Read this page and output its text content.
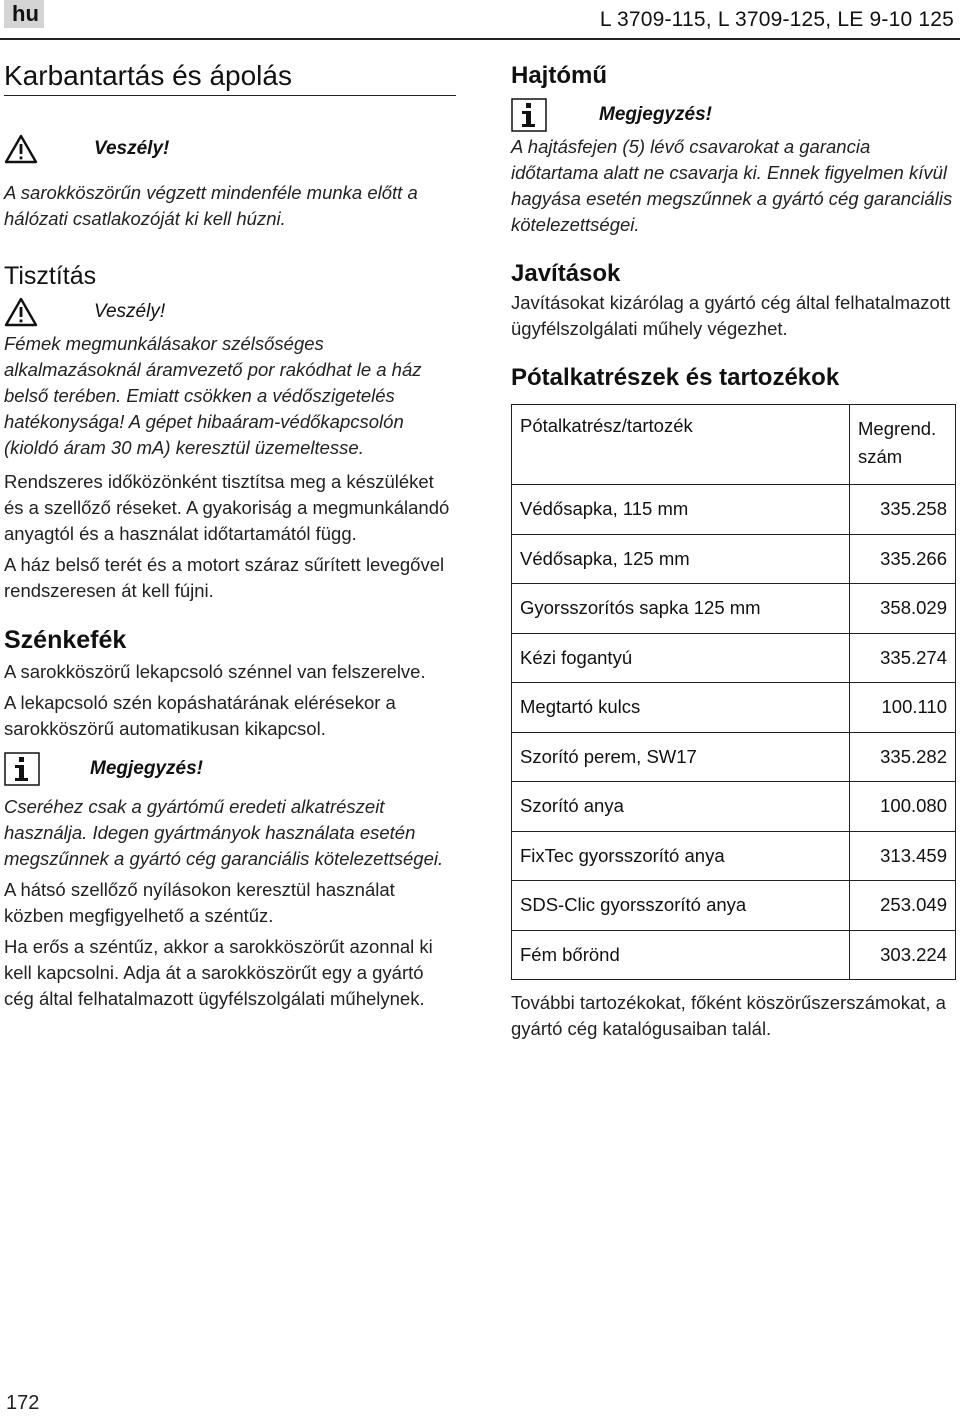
hu	L 3709-115, L 3709-125, LE 9-10 125
Karbantartás és ápolás
Veszély!

A sarokköszörűn végzett mindenféle munka előtt a hálózati csatlakozóját ki kell húzni.

Tisztítás
Veszély!

Fémek megmunkálásakor szélsőséges alkalmazásoknál áramvezető por rakódhat le a ház belső terében. Emiatt csökken a védőszigetelés hatékonysága! A gépet hibaáram-védőkapcsolón (kioldó áram 30 mA) keresztül üzemeltesse.

Rendszeres időközönként tisztítsa meg a készüléket és a szellőző réseket. A gyakoriság a megmunkálandó anyagtól és a használat időtartamától függ.

A ház belső terét és a motort száraz sűrített levegővel rendszeresen át kell fújni.

Szénkefék

A sarokköszörű lekapcsoló szénnel van felszerelve.

A lekapcsoló szén kopáshatárának elérésekor a sarokköszörű automatikusan kikapcsol.

Megjegyzés!

Cseréhez csak a gyártómű eredeti alkatrészeit használja. Idegen gyártmányok használata esetén megszűnnek a gyártó cég garanciális kötelezettségei.

A hátsó szellőző nyílásokon keresztül használat közben megfigyelhető a széntűz.

Ha erős a széntűz, akkor a sarokköszörűt azonnal ki kell kapcsolni. Adja át a sarokköszörűt egy a gyártó cég által felhatalmazott ügyfélszolgálati műhelynek.

Hajtómű
Megjegyzés!

A hajtásfejen (5) lévő csavarokat a garancia időtartama alatt ne csavarja ki. Ennek figyelmen kívül hagyása esetén megszűnnek a gyártó cég garanciális kötelezettségei.

Javítások

Javításokat kizárólag a gyártó cég által felhatalmazott ügyfélszolgálati műhely végezhet.

Pótalkatrészek és tartozékok
Pótalkatrész/tartozék	Megrend.
szám
Védősapka, 115 mm	335.258
Védősapka, 125 mm	335.266
Gyorsszorítós sapka 125 mm	358.029
Kézi fogantyú	335.274
Megtartó kulcs	100.110
Szorító perem, SW17	335.282
Szorító anya	100.080
FixTec gyorsszorító anya	313.459
SDS-Clic gyorsszorító anya	253.049
Fém bőrönd	303.224

További tartozékokat, főként köszörűszerszámokat, a gyártó cég katalógusaiban talál.

172
